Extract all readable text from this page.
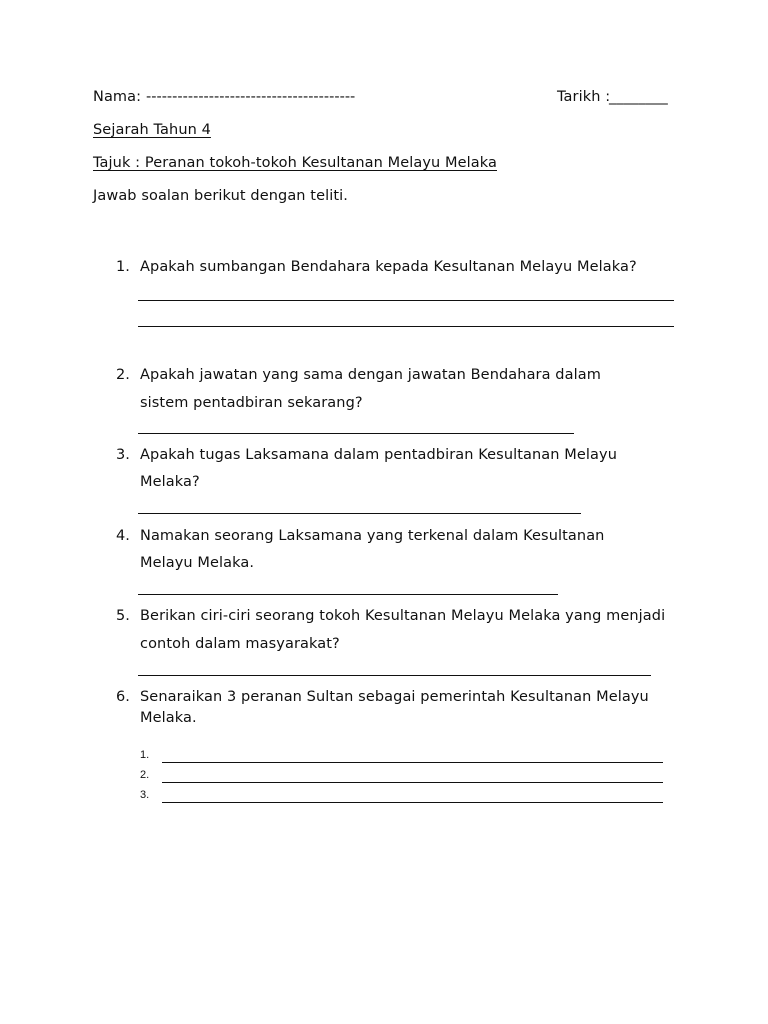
Nama: ----------------------------------------	Tarikh :
________
Sejarah Tahun 4
Tajuk : Peranan tokoh-tokoh Kesultanan Melayu Melaka
Jawab soalan berikut dengan teliti.
1. Apakah sumbangan Bendahara kepada Kesultanan Melayu Melaka?
2. Apakah jawatan yang sama dengan jawatan Bendahara dalam
sistem pentadbiran sekarang?
3. Apakah tugas Laksamana dalam pentadbiran Kesultanan Melayu
Melaka?
4. Namakan seorang Laksamana yang terkenal dalam Kesultanan
Melayu Melaka.
5. Berikan ciri-ciri seorang tokoh Kesultanan Melayu Melaka yang menjadi
contoh dalam masyarakat?
6. Senaraikan 3 peranan Sultan sebagai pemerintah Kesultanan Melayu
Melaka.
1.
2.
3.
